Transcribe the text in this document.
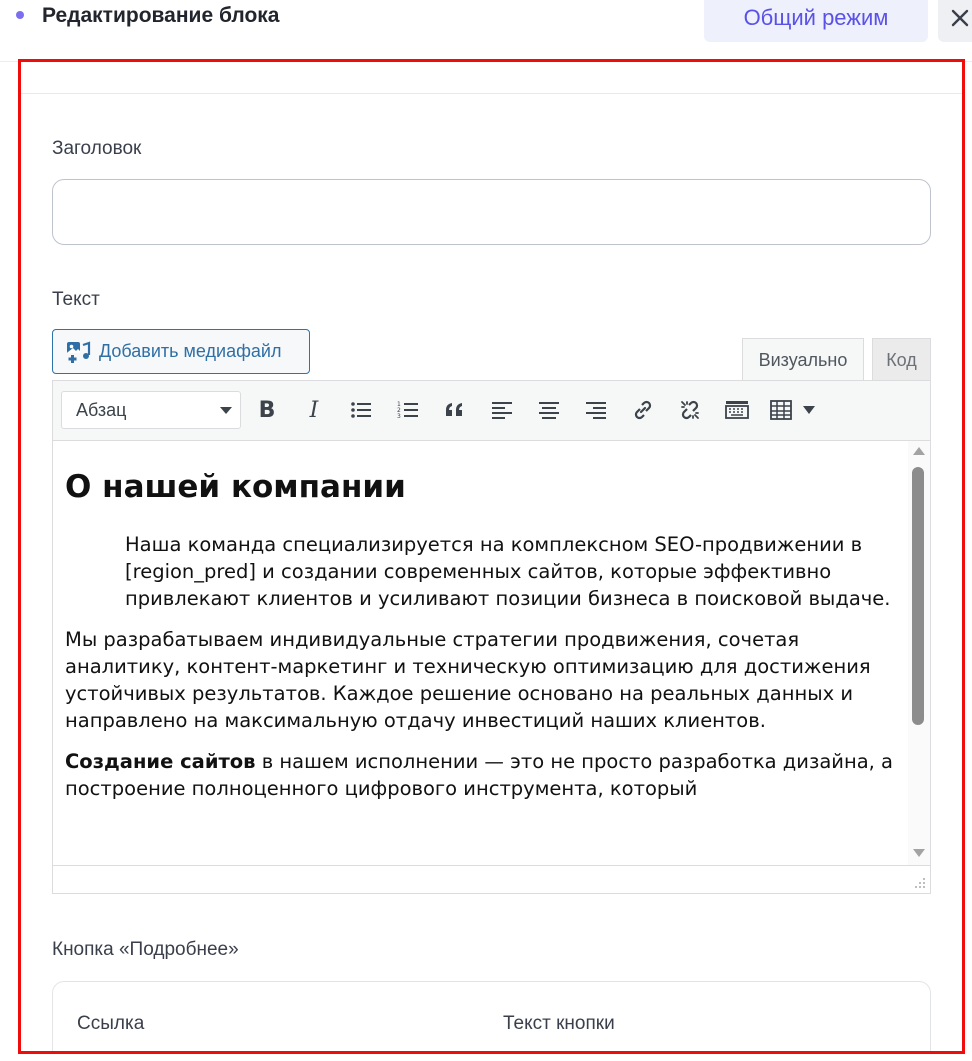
Редактирование блока	Общий режим
Заголовок
Текст
Добавить медиафайл	Визуально	Код
Абзац	B	I	1
2
3
О нашей компании
Наша команда специализируется на комплексном SEO-продвижении в [region_pred] и создании современных сайтов, которые эффективно привлекают клиентов и усиливают позиции бизнеса в поисковой выдаче.

Мы разрабатываем индивидуальные стратегии продвижения, сочетая аналитику, контент-маркетинг и техническую оптимизацию для достижения устойчивых результатов. Каждое решение основано на реальных данных и направлено на максимальную отдачу инвестиций наших клиентов.

Создание сайтов в нашем исполнении — это не просто разработка дизайна, а построение полноценного цифрового инструмента, который

Кнопка «Подробнее»
Ссылка	Текст кнопки
